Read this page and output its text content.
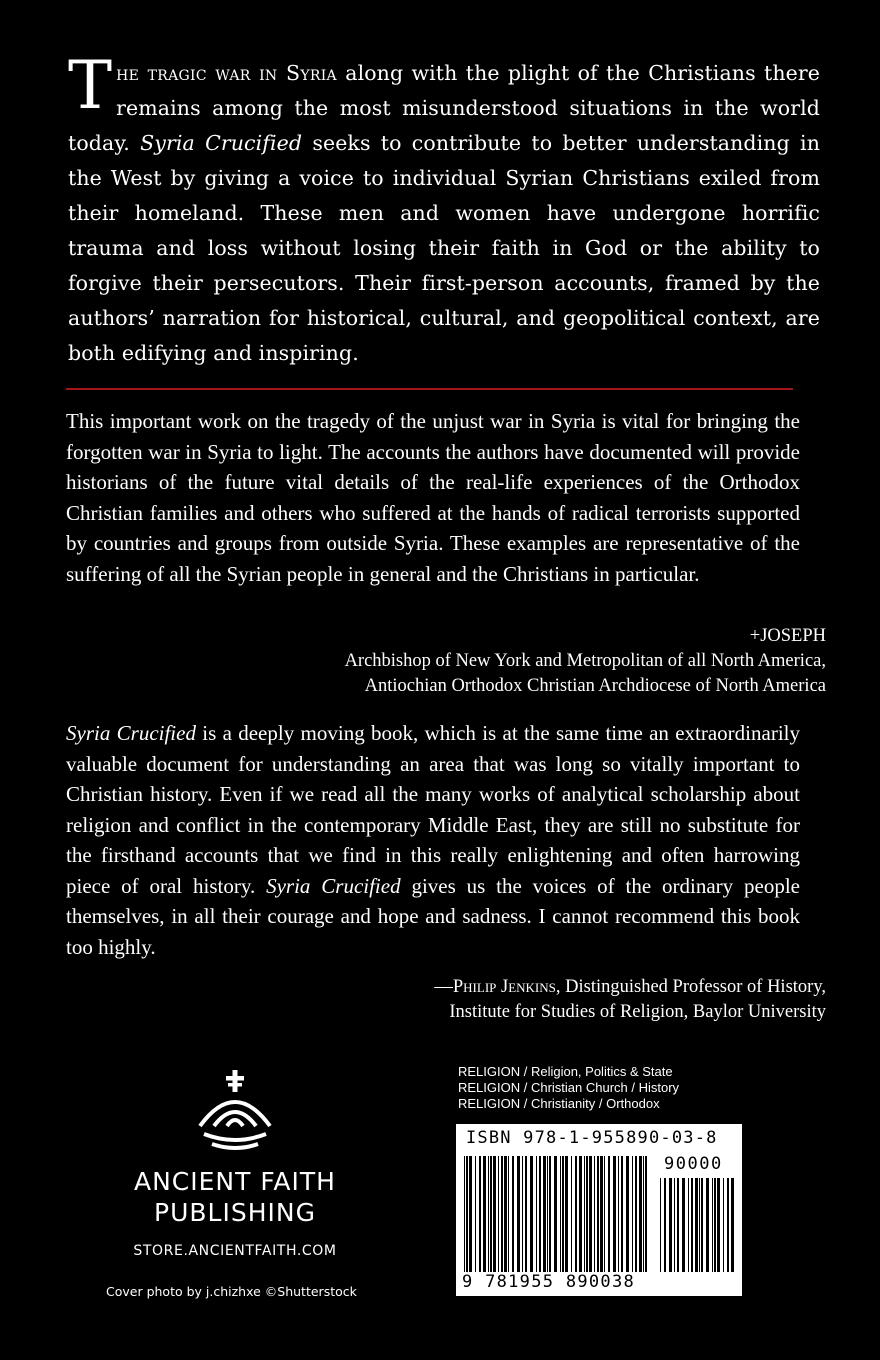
The tragic war in Syria along with the plight of the Christians there remains among the most misunderstood situations in the world today. Syria Crucified seeks to contribute to better understanding in the West by giving a voice to individual Syrian Christians exiled from their homeland. These men and women have undergone horrific trauma and loss without losing their faith in God or the ability to forgive their persecutors. Their first-person accounts, framed by the authors’ narration for historical, cultural, and geopolitical context, are both edifying and inspiring.

This important work on the tragedy of the unjust war in Syria is vital for bringing the forgotten war in Syria to light. The accounts the authors have documented will provide historians of the future vital details of the real-life experiences of the Orthodox Christian families and others who suffered at the hands of radical terrorists supported by countries and groups from outside Syria. These examples are representative of the suffering of all the Syrian people in general and the Christians in particular.

+JOSEPH
Archbishop of New York and Metropolitan of all North America,
Antiochian Orthodox Christian Archdiocese of North America

Syria Crucified is a deeply moving book, which is at the same time an extraordinarily valuable document for understanding an area that was long so vitally important to Christian history. Even if we read all the many works of analytical scholarship about religion and conflict in the contemporary Middle East, they are still no substitute for the firsthand accounts that we find in this really enlightening and often harrowing piece of oral history. Syria Crucified gives us the voices of the ordinary people themselves, in all their courage and hope and sadness. I cannot recommend this book too highly.

—Philip Jenkins, Distinguished Professor of History,
Institute for Studies of Religion, Baylor University
ANCIENT FAITH
PUBLISHING
STORE.ANCIENTFAITH.COM
Cover photo by j.chizhxe ©Shutterstock
RELIGION / Religion, Politics & State
RELIGION / Christian Church / History
RELIGION / Christianity / Orthodox
ISBN 978-1-955890-03-8
90000
9 781955 890038
